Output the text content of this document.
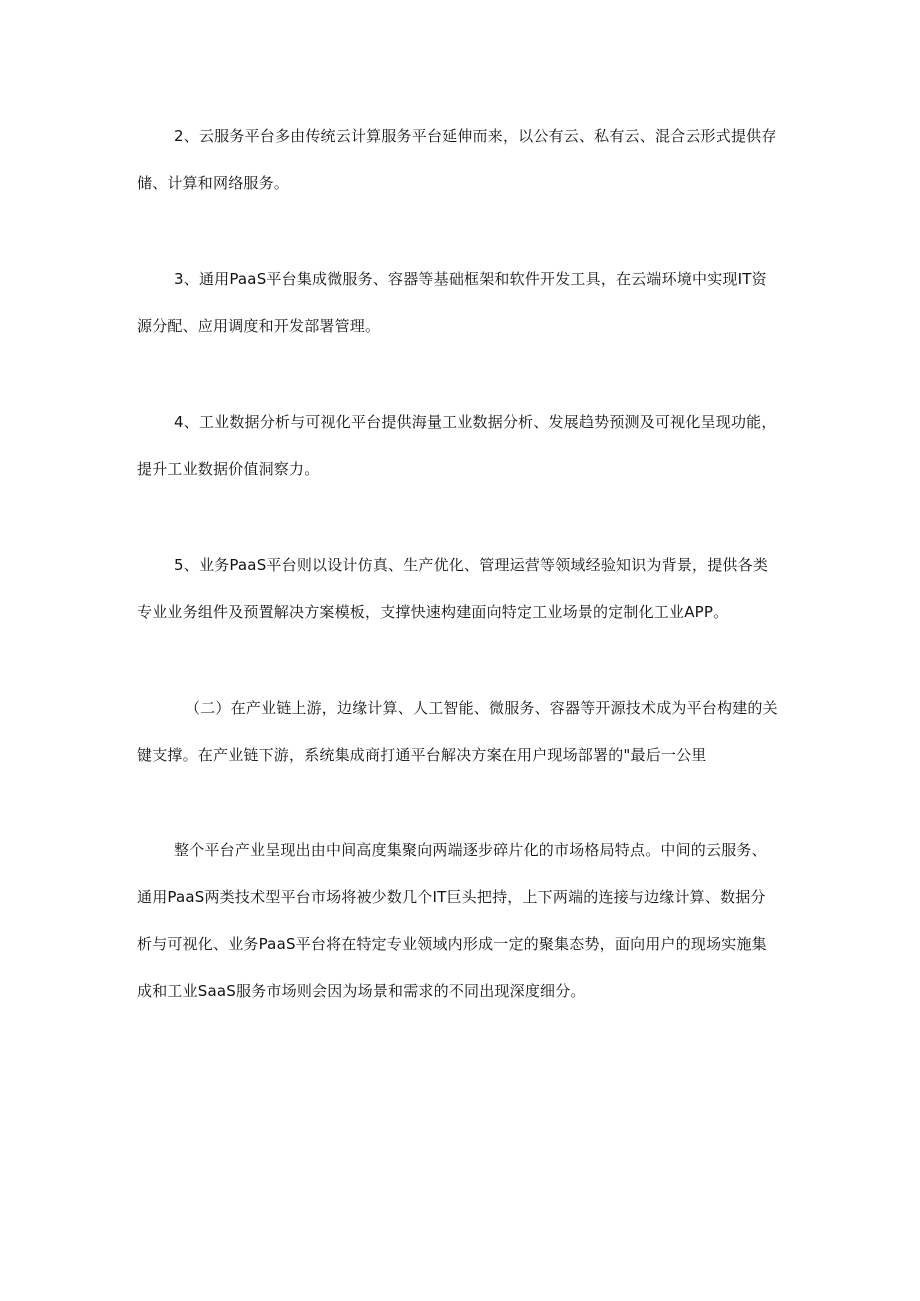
2、云服务平台多由传统云计算服务平台延伸而来，以公有云、私有云、混合云形式提供存
储、计算和网络服务。

3、通用PaaS平台集成微服务、容器等基础框架和软件开发工具，在云端环境中实现IT资
源分配、应用调度和开发部署管理。

4、工业数据分析与可视化平台提供海量工业数据分析、发展趋势预测及可视化呈现功能，
提升工业数据价值洞察力。

5、业务PaaS平台则以设计仿真、生产优化、管理运营等领域经验知识为背景，提供各类
专业业务组件及预置解决方案模板，支撑快速构建面向特定工业场景的定制化工业APP。

（二）在产业链上游，边缘计算、人工智能、微服务、容器等开源技术成为平台构建的关
键支撑。在产业链下游，系统集成商打通平台解决方案在用户现场部署的"最后一公里

整个平台产业呈现出由中间高度集聚向两端逐步碎片化的市场格局特点。中间的云服务、
通用PaaS两类技术型平台市场将被少数几个IT巨头把持，上下两端的连接与边缘计算、数据分
析与可视化、业务PaaS平台将在特定专业领域内形成一定的聚集态势，面向用户的现场实施集
成和工业SaaS服务市场则会因为场景和需求的不同出现深度细分。
